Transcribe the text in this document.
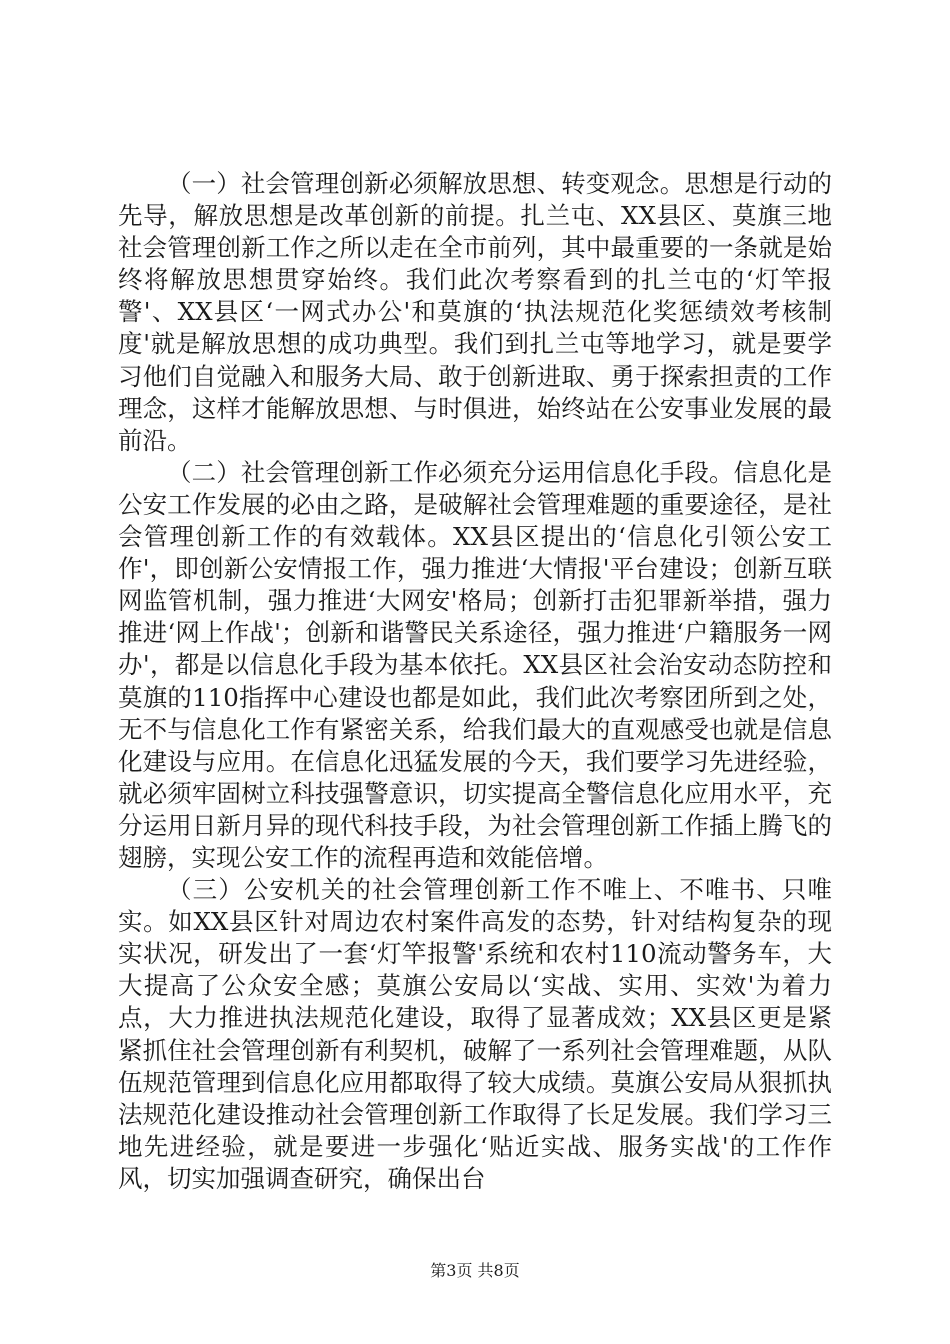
（一）社会管理创新必须解放思想、转变观念。思想是行动的先导，解放思想是改革创新的前提。扎兰屯、XX县区、莫旗三地社会管理创新工作之所以走在全市前列，其中最重要的一条就是始终将解放思想贯穿始终。我们此次考察看到的扎兰屯的‘灯竿报警'、XX县区‘一网式办公'和莫旗的‘执法规范化奖惩绩效考核制度'就是解放思想的成功典型。我们到扎兰屯等地学习，就是要学习他们自觉融入和服务大局、敢于创新进取、勇于探索担责的工作理念，这样才能解放思想、与时俱进，始终站在公安事业发展的最前沿。

（二）社会管理创新工作必须充分运用信息化手段。信息化是公安工作发展的必由之路，是破解社会管理难题的重要途径，是社会管理创新工作的有效载体。XX县区提出的‘信息化引领公安工作'，即创新公安情报工作，强力推进‘大情报'平台建设；创新互联网监管机制，强力推进‘大网安'格局；创新打击犯罪新举措，强力推进‘网上作战'；创新和谐警民关系途径，强力推进‘户籍服务一网办'，都是以信息化手段为基本依托。XX县区社会治安动态防控和莫旗的110指挥中心建设也都是如此，我们此次考察团所到之处，无不与信息化工作有紧密关系，给我们最大的直观感受也就是信息化建设与应用。在信息化迅猛发展的今天，我们要学习先进经验，就必须牢固树立科技强警意识，切实提高全警信息化应用水平，充分运用日新月异的现代科技手段，为社会管理创新工作插上腾飞的翅膀，实现公安工作的流程再造和效能倍增。

（三）公安机关的社会管理创新工作不唯上、不唯书、只唯实。如XX县区针对周边农村案件高发的态势，针对结构复杂的现实状况，研发出了一套‘灯竿报警'系统和农村110流动警务车，大大提高了公众安全感；莫旗公安局以‘实战、实用、实效'为着力点，大力推进执法规范化建设，取得了显著成效；XX县区更是紧紧抓住社会管理创新有利契机，破解了一系列社会管理难题，从队伍规范管理到信息化应用都取得了较大成绩。莫旗公安局从狠抓执法规范化建设推动社会管理创新工作取得了长足发展。我们学习三地先进经验，就是要进一步强化‘贴近实战、服务实战'的工作作风，切实加强调查研究，确保出台

第3页 共8页
